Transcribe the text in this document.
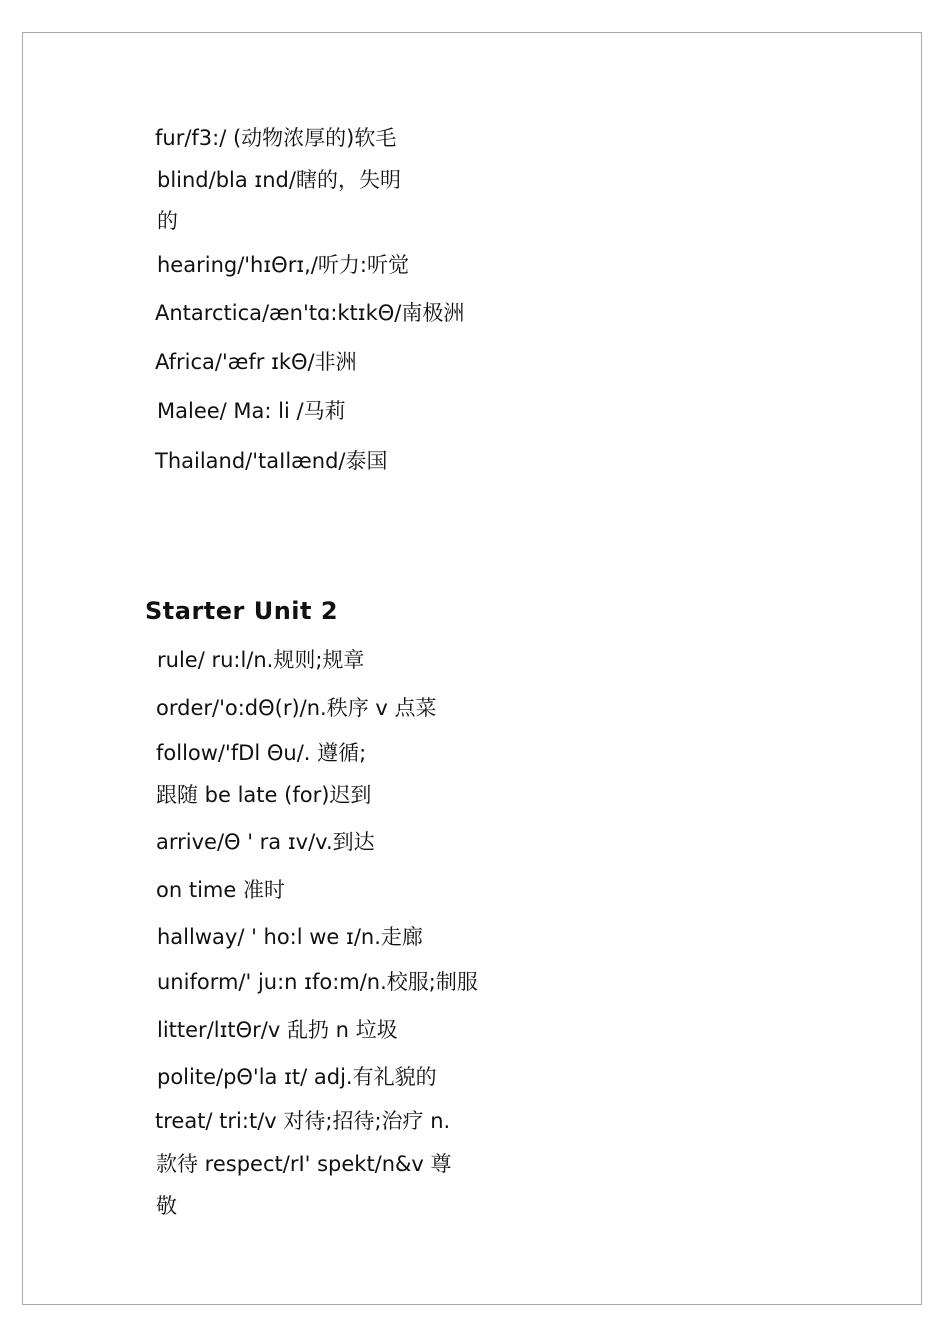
fur/f3:/ (动物浓厚的)软毛
blind/bla ɪnd/瞎的，失明
的
hearing/'hɪΘrɪ,/听力:听觉
Antarctica/æn'tɑ:ktɪkΘ/南极洲
Africa/'æfr ɪkΘ/非洲
Malee/ Ma: li /马莉
Thailand/'taIlænd/泰国
Starter Unit 2
rule/ ru:l/n.规则;规章
order/'o:dΘ(r)/n.秩序 v 点菜
follow/'fDl Θu/. 遵循;
跟随 be late (for)迟到
arrive/Θ ' ra ɪv/v.到达
on time 准时
hallway/ ' ho:l we ɪ/n.走廊
uniform/' ju:n ɪfo:m/n.校服;制服
litter/lɪtΘr/v 乱扔 n 垃圾
polite/pΘ'la ɪt/ adj.有礼貌的
treat/ tri:t/v 对待;招待;治疗 n.
款待 respect/rI' spekt/n&v 尊
敬
